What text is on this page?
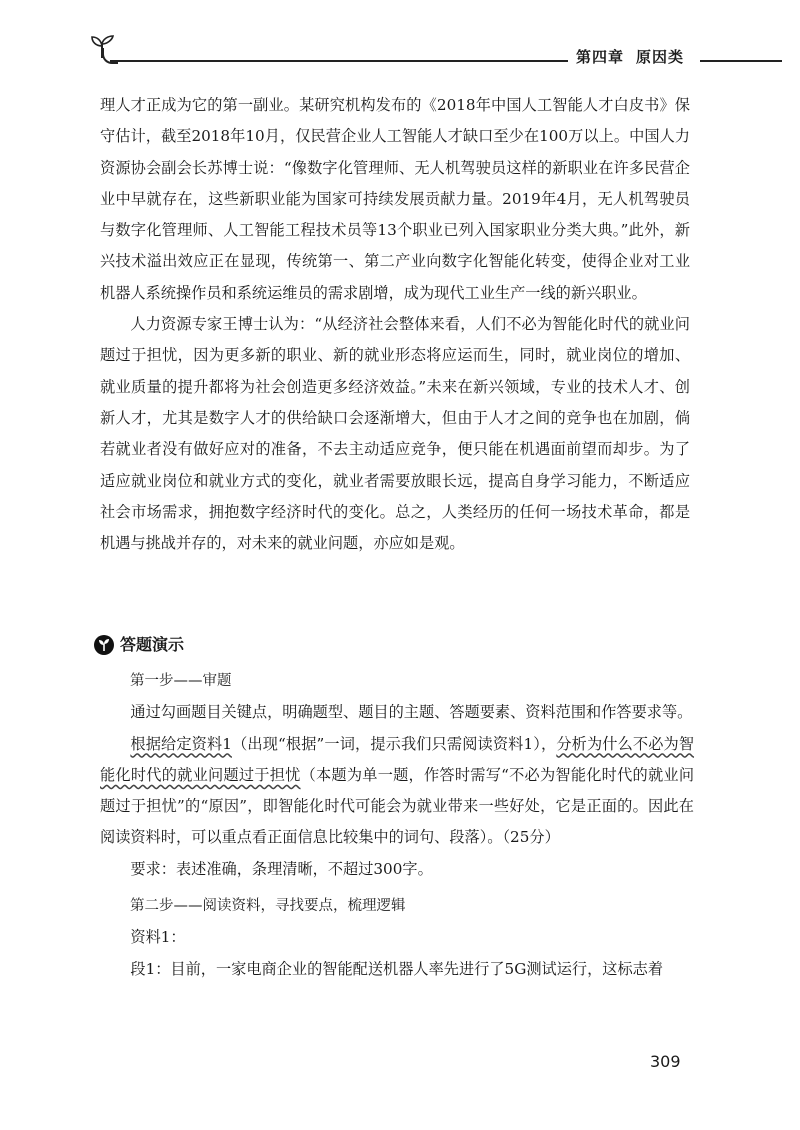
第四章 原因类

理人才正成为它的第一副业。某研究机构发布的《2018年中国人工智能人才白皮书》保守估计，截至2018年10月，仅民营企业人工智能人才缺口至少在100万以上。中国人力资源协会副会长苏博士说：“像数字化管理师、无人机驾驶员这样的新职业在许多民营企业中早就存在，这些新职业能为国家可持续发展贡献力量。2019年4月，无人机驾驶员与数字化管理师、人工智能工程技术员等13个职业已列入国家职业分类大典。”此外，新兴技术溢出效应正在显现，传统第一、第二产业向数字化智能化转变，使得企业对工业机器人系统操作员和系统运维员的需求剧增，成为现代工业生产一线的新兴职业。

人力资源专家王博士认为：“从经济社会整体来看，人们不必为智能化时代的就业问题过于担忧，因为更多新的职业、新的就业形态将应运而生，同时，就业岗位的增加、就业质量的提升都将为社会创造更多经济效益。”未来在新兴领域，专业的技术人才、创新人才，尤其是数字人才的供给缺口会逐渐增大，但由于人才之间的竞争也在加剧，倘若就业者没有做好应对的准备，不去主动适应竞争，便只能在机遇面前望而却步。为了适应就业岗位和就业方式的变化，就业者需要放眼长远，提高自身学习能力，不断适应社会市场需求，拥抱数字经济时代的变化。总之，人类经历的任何一场技术革命，都是机遇与挑战并存的，对未来的就业问题，亦应如是观。

答题演示

第一步——审题

通过勾画题目关键点，明确题型、题目的主题、答题要素、资料范围和作答要求等。

根据给定资料1（出现“根据”一词，提示我们只需阅读资料1），分析为什么不必为智能化时代的就业问题过于担忧（本题为单一题，作答时需写“不必为智能化时代的就业问题过于担忧”的“原因”，即智能化时代可能会为就业带来一些好处，它是正面的。因此在阅读资料时，可以重点看正面信息比较集中的词句、段落）。（25分）

要求：表述准确，条理清晰，不超过300字。

第二步——阅读资料，寻找要点，梳理逻辑

资料1：

段1：目前，一家电商企业的智能配送机器人率先进行了5G测试运行，这标志着

309
